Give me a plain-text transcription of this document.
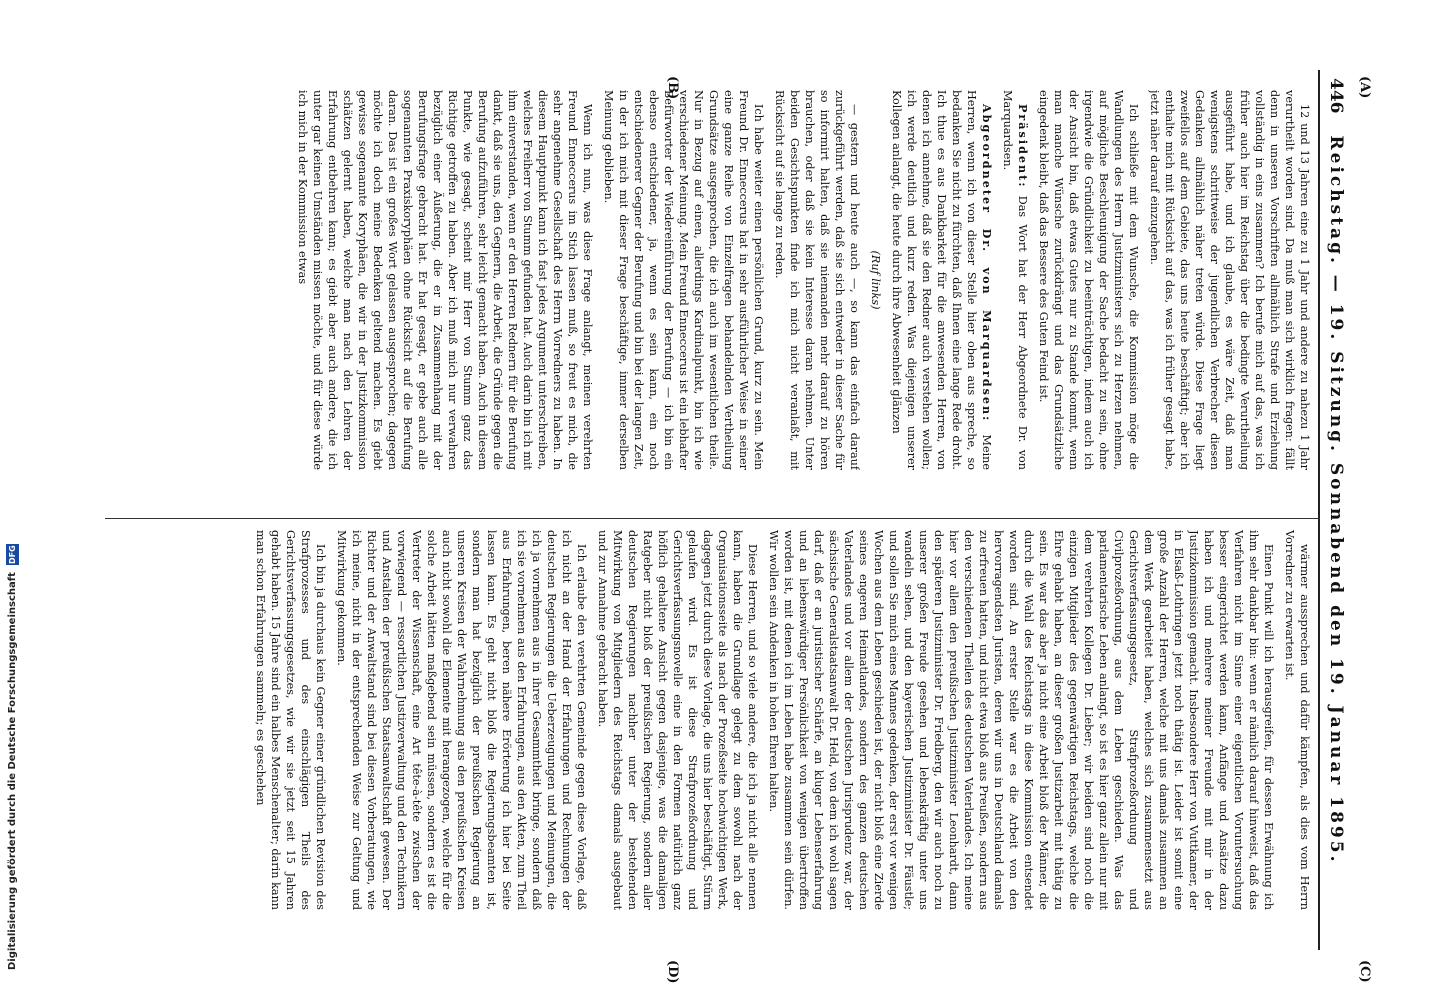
446
Reichstag. — 19. Sitzung. Sonnabend den 19. Januar 1895.
(A)
(B)
(C)
(D)

12 und 13 Jahren eine zu 1 Jahr und andere zu nahezu 1 Jahr verurtheilt worden sind. Da muß man sich wirklich fragen: fällt denn in unseren Vorschriften allmählich Strafe und Erziehung vollständig in eins zusammen? Ich berufe mich auf das, was ich früher auch hier im Reichstag über die bedingte Verurtheilung ausgeführt habe, und ich glaube, es wäre Zeit, daß man wenigstens schrittweise der jugendlichen Verbrecher diesen Gedanken allmählich näher treten würde. Diese Frage liegt zweifellos auf dem Gebiete, das uns heute beschäftigt; aber ich enthalte mich mit Rücksicht auf das, was ich früher gesagt habe, jetzt näher darauf einzugehen.

Ich schließe mit dem Wunsche, die Kommission möge die Wandlungen des Herrn Justizministers sich zu Herzen nehmen, auf mögliche Beschleunigung der Sache bedacht zu sein, ohne irgendwie die Gründlichkeit zu beeinträchtigen, indem auch ich der Ansicht bin, daß etwas Gutes nur zu Stande kommt, wenn man manche Wünsche zurückdrängt und das Grundsätzliche eingedenk bleibt, daß das Bessere des Guten Feind ist.

Präsident: Das Wort hat der Herr Abgeordnete Dr. von Marquardsen.

Abgeordneter Dr. von Marquardsen: Meine Herren, wenn ich von dieser Stelle hier oben aus spreche, so bedanken Sie nicht zu fürchten, daß Ihnen eine lange Rede droht. Ich thue es aus Dankbarkeit für die anwesenden Herren, von denen ich annehme, daß sie den Redner auch verstehen wollen; ich werde deutlich und kurz reden. Was diejenigen unserer Kollegen anlangt, die heute durch ihre Abwesenheit glänzen

(Ruf links)

— gestern und heute auch —, so kann das einfach darauf zurückgeführt werden, daß sie sich entweder in dieser Sache für so informirt halten, daß sie niemanden mehr darauf zu hören brauchen, oder daß sie kein Interesse daran nehmen. Unter beiden Gesichtspunkten finde ich mich nicht veranlaßt, mit Rücksicht auf sie lange zu reden.

Ich habe weiter einen persönlichen Grund, kurz zu sein. Mein Freund Dr. Enneccerus hat in sehr ausführlicher Weise in seiner eine ganze Reihe von Einzelfragen behandelnden Vertheilung Grundsätze ausgesprochen, die ich auch im wesentlichen theile. Nur in Bezug auf einen, allerdings Kardinalpunkt, bin ich wie verschiedener Meinung. Mein Freund Enneccerus ist ein lebhafter Befürworter der Wiedereinführung der Berufung — ich bin ein ebenso entschiedener, ja, wenn es sein kann, ein noch entschiedenerer Gegner der Berufung und bin bei der langen Zeit, in der ich mich mit dieser Frage beschäftige, immer derselben Meinung geblieben.

Wenn ich nun, was diese Frage anlangt, meinen verehrten Freund Enneccerus im Stich lassen muß, so freut es mich, die sehr angenehme Gesellschaft des Herrn Vorredners zu haben. In diesem Hauptpunkt kann ich fast jedes Argument unterschreiben, welches Freiherr von Stumm gefunden hat. Auch darin bin ich mit ihm einverstanden, wenn er den Herren Rednern für die Berufung dankt, daß sie uns, den Gegnern, die Arbeit, die Gründe gegen die Berufung aufzuführen, sehr leicht gemacht haben. Auch in diesem Punkte, wie gesagt, scheint mir Herr von Stumm ganz das Richtige getroffen zu haben. Aber ich muß mich nur verwahren bezüglich einer Äußerung, die er in Zusammenhang mit der Berufungsfrage gebracht hat. Er hat gesagt, er gebe auch alle sogenannten Praxiskoryphäen ohne Rücksicht auf die Berufung daran. Das ist ein großes Wort gelassen ausgesprochen; dagegen möchte ich doch meine Bedenken geltend machen. Es giebt gewisse sogenannte Koryphäen, die wir in der Justizkommission schätzen gelernt haben, welche man nach den Lehren der Erfahrung entbehren kann; es giebt aber auch andere, die ich unter gar keinen Umständen missen möchte, und für diese würde ich mich in der Kommission etwas

wärmer aussprechen und dafür kämpfen, als dies vom Herrn Vorredner zu erwarten ist.

Einen Punkt will ich herausgreifen, für dessen Erwähnung ich ihm sehr dankbar bin: wenn er nämlich darauf hinweist, daß das Verfahren nicht im Sinne einer eigentlichen Voruntersuchung besser eingerichtet werden kann, Anfänge und Ansätze dazu haben ich und mehrere meiner Freunde mit mir in der Justizkommission gemacht. Insbesondere Herr von Vuttkamer, der in Elsaß-Lothringen jetzt noch thätig ist. Leider ist somit eine große Anzahl der Herren, welche mit uns damals zusammen an dem Werk gearbeitet haben, welches sich zusammensetzt aus Gerichtsverfassungsgesetz, Strafprozeßordnung und Civilprozeßordnung, aus dem Leben geschieden. Was das parlamentarische Leben anlangt, so ist es hier ganz allein nur mit dem verehrten Kollegen Dr. Lieber; wir beiden sind noch die einzigen Mitglieder des gegenwärtigen Reichstags, welche die Ehre gehabt haben, an dieser großen Justizarbeit mit thätig zu sein. Es war das aber ja nicht eine Arbeit bloß der Männer, die durch die Wahl des Reichstags in diese Kommission entsendet worden sind. An erster Stelle war es die Arbeit von den hervorragendsten Juristen, deren wir uns in Deutschland damals zu erfreuen hatten, und nicht etwa bloß aus Preußen, sondern aus den verschiedenen Theilen des deutschen Vaterlandes. Ich meine hier vor allem den preußischen Justizminister Leonhardt, dann den späteren Justizminister Dr. Friedberg, den wir auch noch zu unserer großen Freude gesehen und lebenskräftig unter uns wandeln sehen, und den bayerischen Justizminister Dr. Fäustle; und sollen Sie mich eines Mannes gedenken, der erst vor wenigen Wochen aus dem Leben geschieden ist, der nicht bloß eine Zierde seines engeren Heimatlandes, sondern des ganzen deutschen Vaterlandes und vor allem der deutschen Jurisprudenz war, der sächsische Generalstaatsanwalt Dr. Held, von dem ich wohl sagen darf, daß er an juristischer Schärfe, an kluger Lebenserfahrung und an liebenswürdiger Persönlichkeit von wenigen übertroffen worden ist, mit denen ich im Leben habe zusammen sein dürfen. Wir wollen sein Andenken in hohen Ehren halten.

Diese Herren, und so viele andere, die ich ja nicht alle nennen kann, haben die Grundlage gelegt zu dem sowohl nach der Organisationsseite als nach der Prozeßseite hochwichtigen Werk, dagegen jetzt durch diese Vorlage, die uns hier beschäftigt, Stürm gelaufen wird. Es ist diese Strafprozeßordnung und Gerichtsverfassungsnovelle eine in den Formen natürlich ganz höflich gehaltene Ansicht gegen dasjenige, was die damaligen Ratgeber nicht bloß der preußischen Regierung, sondern aller deutschen Regierungen nachher unter der bestehenden Mitwirkung von Mitgliedern des Reichstags damals ausgebaut und zur Annahme gebracht haben.

Ich erlaube den verehrten Gemeinde gegen diese Vorlage, daß ich nicht an der Hand der Erfahrungen und Rechnungen der deutschen Regierungen die Ueberzeugungen und Meinungen, die ich ja vornehmen aus in ihrer Gesammtheit bringe, sondern daß ich sie vornehmen aus den Erfahrungen, aus den Akten, zum Theil aus Erfahrungen, beren nähere Erörterung ich hier bei Seite lassen kann. Es geht nicht bloß die Regierungsbeamten ist, sondern man hat bezüglich der preußischen Regierung an unseren Kreisen der Wahrnehmung aus den preußischen Kreisen auch nicht sowohl die Elemente mit herangezogen, welche für die solche Arbeit hätten maßgebend sein müssen, sondern es ist die Vertreter der Wissenschaft, eine Art tête-à-tête zwischen der vorwiegend — ressortlichen Justizverwaltung und den Technikern und Anstalten der preußischen Staatsanwaltschaft gewesen. Der Richter und der Anwaltstand sind bei diesen Vorberatungen, wie ich meine, nicht in der entsprechenden Weise zur Geltung und Mitwirkung gekommen.

Ich bin ja durchaus kein Gegner einer gründlichen Revision des Strafprozesses und des einschlägigen Theils des Gerichtsverfassungsgesetzes, wie wir sie jetzt seit 15 Jahren gehabt haben. 15 Jahre sind ein halbes Menschenalter; darin kann man schon Erfahrungen sammeln; es geschehen

Digitalisierung gefördert durch die Deutsche Forschungsgemeinschaft DFG
